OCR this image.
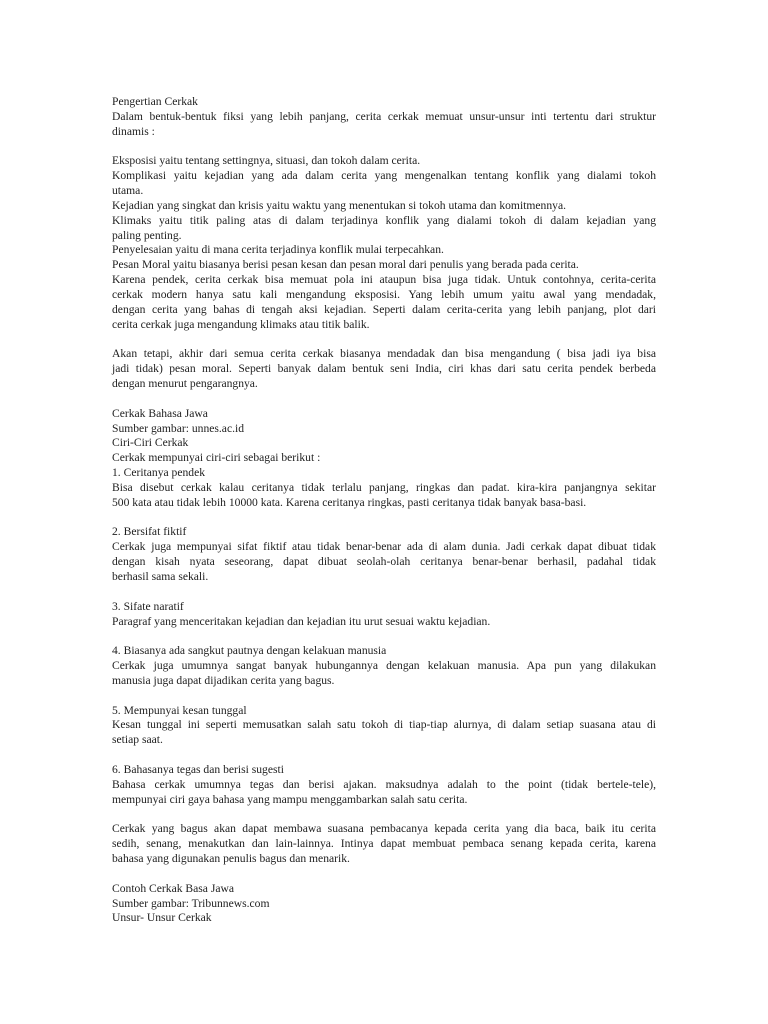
Pengertian Cerkak
Dalam bentuk-bentuk fiksi yang lebih panjang, cerita cerkak memuat unsur-unsur inti tertentu dari struktur
dinamis :
Eksposisi yaitu tentang settingnya, situasi, dan tokoh dalam cerita.
Komplikasi yaitu kejadian yang ada dalam cerita yang mengenalkan tentang konflik yang dialami tokoh
utama.
Kejadian yang singkat dan krisis yaitu waktu yang menentukan si tokoh utama dan komitmennya.
Klimaks yaitu titik paling atas di dalam terjadinya konflik yang dialami tokoh di dalam kejadian yang
paling penting.
Penyelesaian yaitu di mana cerita terjadinya konflik mulai terpecahkan.
Pesan Moral yaitu biasanya berisi pesan kesan dan pesan moral dari penulis yang berada pada cerita.
Karena pendek, cerita cerkak bisa memuat pola ini ataupun bisa juga tidak. Untuk contohnya, cerita-cerita
cerkak modern hanya satu kali mengandung eksposisi. Yang lebih umum yaitu awal yang mendadak,
dengan cerita yang bahas di tengah aksi kejadian. Seperti dalam cerita-cerita yang lebih panjang, plot dari
cerita cerkak juga mengandung klimaks atau titik balik.
Akan tetapi, akhir dari semua cerita cerkak biasanya mendadak dan bisa mengandung ( bisa jadi iya bisa
jadi tidak) pesan moral. Seperti banyak dalam bentuk seni India, ciri khas dari satu cerita pendek berbeda
dengan menurut pengarangnya.
Cerkak Bahasa Jawa
Sumber gambar: unnes.ac.id
Ciri-Ciri Cerkak
Cerkak mempunyai ciri-ciri sebagai berikut :
1. Ceritanya pendek
Bisa disebut cerkak kalau ceritanya tidak terlalu panjang, ringkas dan padat. kira-kira panjangnya sekitar
500 kata atau tidak lebih 10000 kata. Karena ceritanya ringkas, pasti ceritanya tidak banyak basa-basi.
2. Bersifat fiktif
Cerkak juga mempunyai sifat fiktif atau tidak benar-benar ada di alam dunia. Jadi cerkak dapat dibuat tidak
dengan kisah nyata seseorang, dapat dibuat seolah-olah ceritanya benar-benar berhasil, padahal tidak
berhasil sama sekali.
3. Sifate naratif
Paragraf yang menceritakan kejadian dan kejadian itu urut sesuai waktu kejadian.
4. Biasanya ada sangkut pautnya dengan kelakuan manusia
Cerkak juga umumnya sangat banyak hubungannya dengan kelakuan manusia. Apa pun yang dilakukan
manusia juga dapat dijadikan cerita yang bagus.
5. Mempunyai kesan tunggal
Kesan tunggal ini seperti memusatkan salah satu tokoh di tiap-tiap alurnya, di dalam setiap suasana atau di
setiap saat.
6. Bahasanya tegas dan berisi sugesti
Bahasa cerkak umumnya tegas dan berisi ajakan. maksudnya adalah to the point (tidak bertele-tele),
mempunyai ciri gaya bahasa yang mampu menggambarkan salah satu cerita.
Cerkak yang bagus akan dapat membawa suasana pembacanya kepada cerita yang dia baca, baik itu cerita
sedih, senang, menakutkan dan lain-lainnya. Intinya dapat membuat pembaca senang kepada cerita, karena
bahasa yang digunakan penulis bagus dan menarik.
Contoh Cerkak Basa Jawa
Sumber gambar: Tribunnews.com
Unsur- Unsur Cerkak
